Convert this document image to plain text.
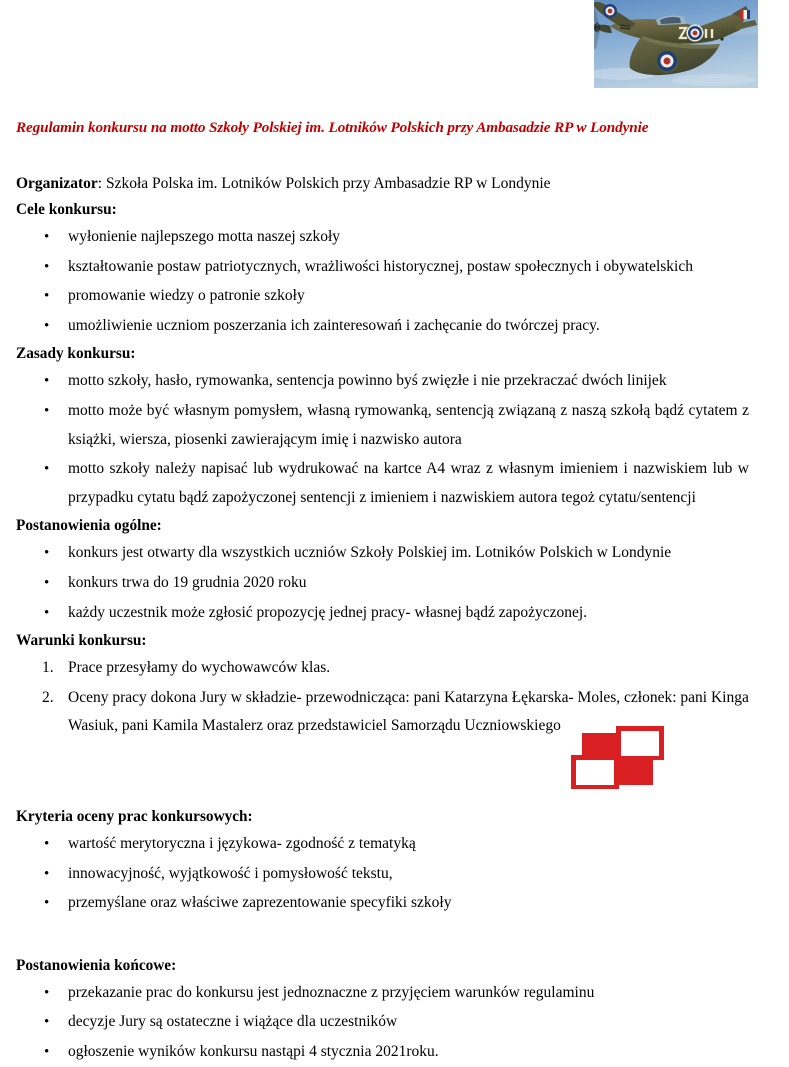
Regulamin konkursu na motto Szkoły Polskiej im. Lotników Polskich przy Ambasadzie RP w Londynie

Organizator: Szkoła Polska im. Lotników Polskich przy Ambasadzie RP w Londynie

Cele konkursu:
• wyłonienie najlepszego motta naszej szkoły
• kształtowanie postaw patriotycznych, wrażliwości historycznej, postaw społecznych i obywatelskich
• promowanie wiedzy o patronie szkoły
• umożliwienie uczniom poszerzania ich zainteresowań i zachęcanie do twórczej pracy.
Zasady konkursu:
• motto szkoły, hasło, rymowanka, sentencja powinno byś zwięzłe i nie przekraczać dwóch linijek
• motto może być własnym pomysłem, własną rymowanką, sentencją związaną z naszą szkołą bądź cytatem z książki, wiersza, piosenki zawierającym imię i nazwisko autora
• motto szkoły należy napisać lub wydrukować na kartce A4 wraz z własnym imieniem i nazwiskiem lub w przypadku cytatu bądź zapożyczonej sentencji z imieniem i nazwiskiem autora tegoż cytatu/sentencji
Postanowienia ogólne:
• konkurs jest otwarty dla wszystkich uczniów Szkoły Polskiej im. Lotników Polskich w Londynie
• konkurs trwa do 19 grudnia 2020 roku
• każdy uczestnik może zgłosić propozycję jednej pracy- własnej bądź zapożyczonej.
Warunki konkursu:
Prace przesyłamy do wychowawców klas.
Oceny pracy dokona Jury w składzie- przewodnicząca: pani Katarzyna Łękarska- Moles, członek: pani Kinga Wasiuk, pani Kamila Mastalerz oraz przedstawiciel Samorządu Uczniowskiego
Kryteria oceny prac konkursowych:
• wartość merytoryczna i językowa- zgodność z tematyką
• innowacyjność, wyjątkowość i pomysłowość tekstu,
• przemyślane oraz właściwe zaprezentowanie specyfiki szkoły
Postanowienia końcowe:
• przekazanie prac do konkursu jest jednoznaczne z przyjęciem warunków regulaminu
• decyzje Jury są ostateczne i wiążące dla uczestników
• ogłoszenie wyników konkursu nastąpi 4 stycznia 2021roku.
